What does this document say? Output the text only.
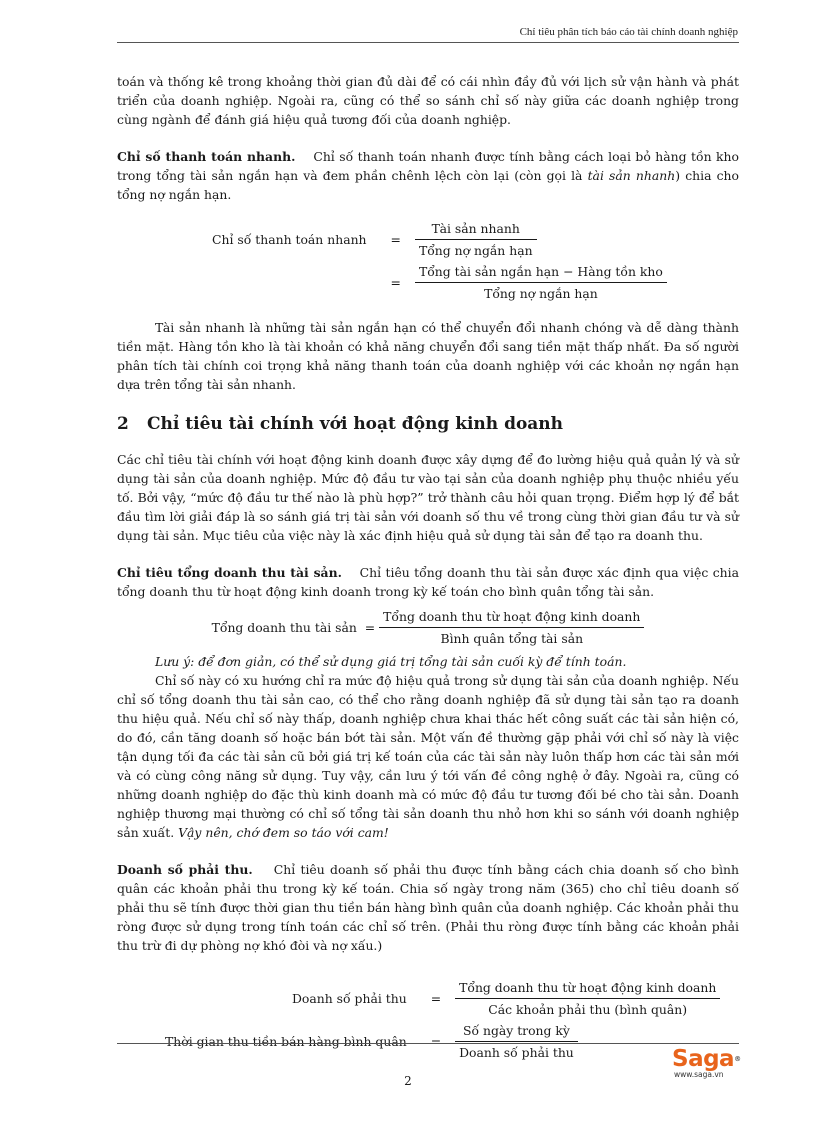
Chỉ tiêu phân tích báo cáo tài chính doanh nghiệp

toán và thống kê trong khoảng thời gian đủ dài để có cái nhìn đầy đủ với lịch sử vận hành và phát triển của doanh nghiệp. Ngoài ra, cũng có thể so sánh chỉ số này giữa các doanh nghiệp trong cùng ngành để đánh giá hiệu quả tương đối của doanh nghiệp.

Chỉ số thanh toán nhanh. Chỉ số thanh toán nhanh được tính bằng cách loại bỏ hàng tồn kho trong tổng tài sản ngắn hạn và đem phần chênh lệch còn lại (còn gọi là tài sản nhanh) chia cho tổng nợ ngắn hạn.

Chỉ số thanh toán nhanh	=	$\frac{\text{Tài sản nhanh}}{\text{Tổng nợ ngắn hạn}}$

	=	$\frac{\text{Tổng tài sản ngắn hạn − Hàng tồn kho}}{\text{Tổng nợ ngắn hạn}}$

Tài sản nhanh là những tài sản ngắn hạn có thể chuyển đổi nhanh chóng và dễ dàng thành tiền mặt. Hàng tồn kho là tài khoản có khả năng chuyển đổi sang tiền mặt thấp nhất. Đa số người phân tích tài chính coi trọng khả năng thanh toán của doanh nghiệp với các khoản nợ ngắn hạn dựa trên tổng tài sản nhanh.

2 Chỉ tiêu tài chính với hoạt động kinh doanh

Các chỉ tiêu tài chính với hoạt động kinh doanh được xây dựng để đo lường hiệu quả quản lý và sử dụng tài sản của doanh nghiệp. Mức độ đầu tư vào tại sản của doanh nghiệp phụ thuộc nhiều yếu tố. Bởi vậy, “mức độ đầu tư thế nào là phù hợp?” trở thành câu hỏi quan trọng. Điểm hợp lý để bắt đầu tìm lời giải đáp là so sánh giá trị tài sản với doanh số thu về trong cùng thời gian đầu tư và sử dụng tài sản. Mục tiêu của việc này là xác định hiệu quả sử dụng tài sản để tạo ra doanh thu.

Chỉ tiêu tổng doanh thu tài sản. Chỉ tiêu tổng doanh thu tài sản được xác định qua việc chia tổng doanh thu từ hoạt động kinh doanh trong kỳ kế toán cho bình quân tổng tài sản.

Tổng doanh thu tài sản = $\frac{\text{Tổng doanh thu từ hoạt động kinh doanh}}{\text{Bình quân tổng tài sản}}$

Lưu ý: để đơn giản, có thể sử dụng giá trị tổng tài sản cuối kỳ để tính toán.

Chỉ số này có xu hướng chỉ ra mức độ hiệu quả trong sử dụng tài sản của doanh nghiệp. Nếu chỉ số tổng doanh thu tài sản cao, có thể cho rằng doanh nghiệp đã sử dụng tài sản tạo ra doanh thu hiệu quả. Nếu chỉ số này thấp, doanh nghiệp chưa khai thác hết công suất các tài sản hiện có, do đó, cần tăng doanh số hoặc bán bớt tài sản. Một vấn đề thường gặp phải với chỉ số này là việc tận dụng tối đa các tài sản cũ bởi giá trị kế toán của các tài sản này luôn thấp hơn các tài sản mới và có cùng công năng sử dụng. Tuy vậy, cần lưu ý tới vấn đề công nghệ ở đây. Ngoài ra, cũng có những doanh nghiệp do đặc thù kinh doanh mà có mức độ đầu tư tương đối bé cho tài sản. Doanh nghiệp thương mại thường có chỉ số tổng tài sản doanh thu nhỏ hơn khi so sánh với doanh nghiệp sản xuất. Vậy nên, chớ đem so táo với cam!

Doanh số phải thu. Chỉ tiêu doanh số phải thu được tính bằng cách chia doanh số cho bình quân các khoản phải thu trong kỳ kế toán. Chia số ngày trong năm (365) cho chỉ tiêu doanh số phải thu sẽ tính được thời gian thu tiền bán hàng bình quân của doanh nghiệp. Các khoản phải thu ròng được sử dụng trong tính toán các chỉ số trên. (Phải thu ròng được tính bằng các khoản phải thu trừ đi dự phòng nợ khó đòi và nợ xấu.)

Doanh số phải thu	=	$\frac{\text{Tổng doanh thu từ hoạt động kinh doanh}}{\text{Các khoản phải thu (bình quân)}}$

Thời gian thu tiền bán hàng bình quân	=	$\frac{\text{Số ngày trong kỳ}}{\text{Doanh số phải thu}}$	Saga®
www.saga.vn
2
